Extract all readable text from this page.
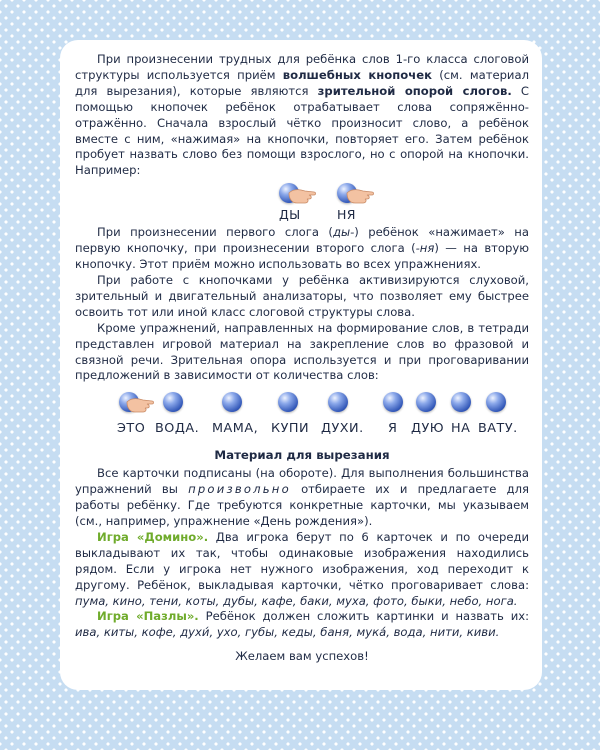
При произнесении трудных для ребёнка слов 1-го класса слоговой структуры используется приём волшебных кнопочек (см. материал для вырезания), которые являются зрительной опорой слогов. С помощью кнопочек ребёнок отрабатывает слова сопряжённо-отражённо. Сначала взрослый чётко произносит слово, а ребёнок вместе с ним, «нажимая» на кнопочки, повторяет его. Затем ребёнок пробует назвать слово без помощи взрослого, но с опорой на кнопочки. Например:

ДЫ	НЯ

При произнесении первого слога (ды-) ребёнок «нажимает» на первую кнопочку, при произнесении второго слога (-ня) — на вторую кнопочку. Этот приём можно использовать во всех упражнениях.

При работе с кнопочками у ребёнка активизируются слуховой, зрительный и двигательный анализаторы, что позволяет ему быстрее освоить тот или иной класс слоговой структуры слова.

Кроме упражнений, направленных на формирование слов, в тетради представлен игровой материал на закрепление слов во фразовой и связной речи. Зрительная опора используется и при проговаривании предложений в зависимости от количества слов:

ЭТО ВОДА. МАМА, КУПИ ДУХИ. Я ДУЮ НА ВАТУ.
Материал для вырезания

Все карточки подписаны (на обороте). Для выполнения большинства упражнений вы произвольно отбираете их и предлагаете для работы ребёнку. Где требуются конкретные карточки, мы указываем (см., например, упражнение «День рождения»).

Игра «Домино». Два игрока берут по 6 карточек и по очереди выкладывают их так, чтобы одинаковые изображения находились рядом. Если у игрока нет нужного изображения, ход переходит к другому. Ребёнок, выкладывая карточки, чётко проговаривает слова: пума, кино, тени, коты, дубы, кафе, баки, муха, фото, быки, небо, нога.

Игра «Пазлы». Ребёнок должен сложить картинки и назвать их: ива, киты, кофе, духи́, ухо, губы, кеды, баня, мука́, вода, нити, киви.

Желаем вам успехов!
